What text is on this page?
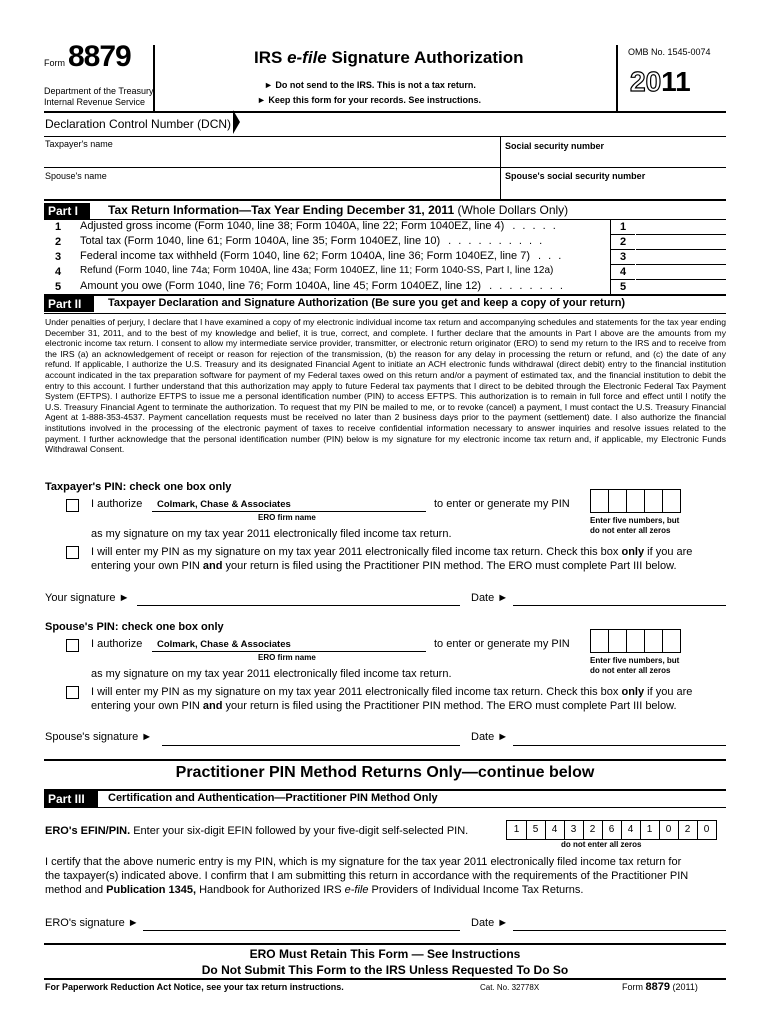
Form 8879
Department of the Treasury
Internal Revenue Service
IRS e-file Signature Authorization
► Do not send to the IRS. This is not a tax return.
► Keep this form for your records. See instructions.
OMB No. 1545-0074
2011
Declaration Control Number (DCN)
Taxpayer's name	Social security number
Spouse's name	Spouse's social security number
Part I	Tax Return Information—Tax Year Ending December 31, 2011 (Whole Dollars Only)
1 Adjusted gross income (Form 1040, line 38; Form 1040A, line 22; Form 1040EZ, line 4) . . . . .	1
2 Total tax (Form 1040, line 61; Form 1040A, line 35; Form 1040EZ, line 10) . . . . . . . . . .	2
3 Federal income tax withheld (Form 1040, line 62; Form 1040A, line 36; Form 1040EZ, line 7) . . .	3
4 Refund (Form 1040, line 74a; Form 1040A, line 43a; Form 1040EZ, line 11; Form 1040-SS, Part I, line 12a)	4
5 Amount you owe (Form 1040, line 76; Form 1040A, line 45; Form 1040EZ, line 12) . . . . . . . .	5
Part II	Taxpayer Declaration and Signature Authorization (Be sure you get and keep a copy of your return)
Under penalties of perjury, I declare that I have examined a copy of my electronic individual income tax return and accompanying schedules and statements for the tax year ending December 31, 2011, and to the best of my knowledge and belief, it is true, correct, and complete. I further declare that the amounts in Part I above are the amounts from my electronic income tax return. I consent to allow my intermediate service provider, transmitter, or electronic return originator (ERO) to send my return to the IRS and to receive from the IRS (a) an acknowledgement of receipt or reason for rejection of the transmission, (b) the reason for any delay in processing the return or refund, and (c) the date of any refund. If applicable, I authorize the U.S. Treasury and its designated Financial Agent to initiate an ACH electronic funds withdrawal (direct debit) entry to the financial institution account indicated in the tax preparation software for payment of my Federal taxes owed on this return and/or a payment of estimated tax, and the financial institution to debit the entry to this account. I further understand that this authorization may apply to future Federal tax payments that I direct to be debited through the Electronic Federal Tax Payment System (EFTPS). I authorize EFTPS to issue me a personal identification number (PIN) to access EFTPS. This authorization is to remain in full force and effect until I notify the U.S. Treasury Financial Agent to terminate the authorization. To request that my PIN be mailed to me, or to revoke (cancel) a payment, I must contact the U.S. Treasury Financial Agent at 1-888-353-4537. Payment cancellation requests must be received no later than 2 business days prior to the payment (settlement) date. I also authorize the financial institutions involved in the processing of the electronic payment of taxes to receive confidential information necessary to answer inquiries and resolve issues related to the payment. I further acknowledge that the personal identification number (PIN) below is my signature for my electronic income tax return and, if applicable, my Electronic Funds Withdrawal Consent.
Taxpayer's PIN: check one box only
I authorize Colmark, Chase & Associates
ERO firm name
to enter or generate my PIN
Enter five numbers, but
do not enter all zeros
as my signature on my tax year 2011 electronically filed income tax return.
I will enter my PIN as my signature on my tax year 2011 electronically filed income tax return. Check this box only if you are
entering your own PIN and your return is filed using the Practitioner PIN method. The ERO must complete Part III below.
Your signature ►	Date ►
Spouse's PIN: check one box only
I authorize Colmark, Chase & Associates
ERO firm name
to enter or generate my PIN
Enter five numbers, but
do not enter all zeros
as my signature on my tax year 2011 electronically filed income tax return.
I will enter my PIN as my signature on my tax year 2011 electronically filed income tax return. Check this box only if you are
entering your own PIN and your return is filed using the Practitioner PIN method. The ERO must complete Part III below.
Spouse's signature ►	Date ►
Practitioner PIN Method Returns Only—continue below
Part III	Certification and Authentication—Practitioner PIN Method Only
ERO's EFIN/PIN. Enter your six-digit EFIN followed by your five-digit self-selected PIN.	1	5	4	3	2	6	4	1	0	2	0
do not enter all zeros
I certify that the above numeric entry is my PIN, which is my signature for the tax year 2011 electronically filed income tax return for
the taxpayer(s) indicated above. I confirm that I am submitting this return in accordance with the requirements of the Practitioner PIN
method and Publication 1345, Handbook for Authorized IRS e-file Providers of Individual Income Tax Returns.
ERO's signature ►	Date ►
ERO Must Retain This Form — See Instructions
Do Not Submit This Form to the IRS Unless Requested To Do So
For Paperwork Reduction Act Notice, see your tax return instructions.	Cat. No. 32778X	Form 8879 (2011)
